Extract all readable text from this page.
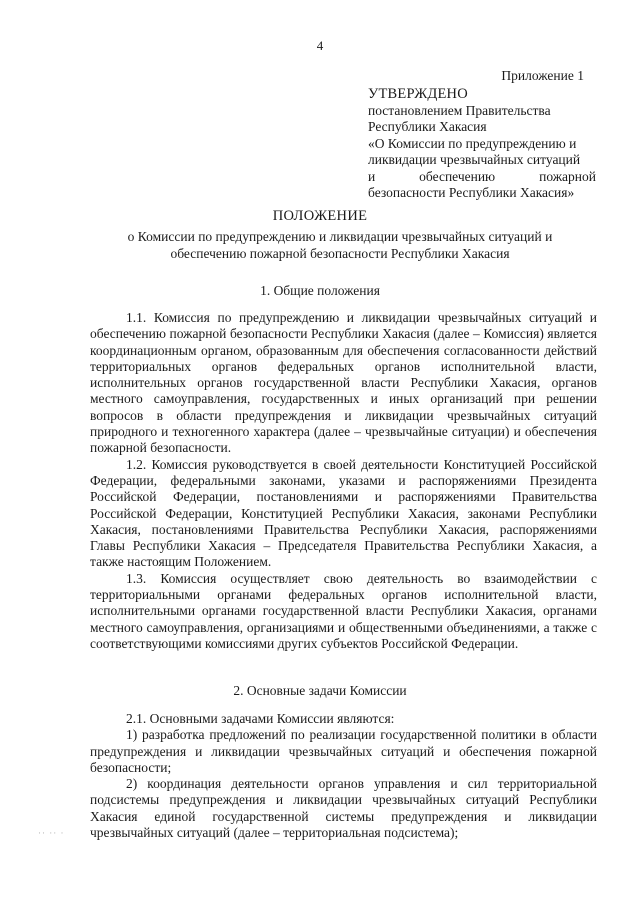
4
Приложение 1
УТВЕРЖДЕНО
постановлением Правительства
Республики Хакасия
«О Комиссии по предупреждению и
ликвидации чрезвычайных ситуаций
и обеспечению пожарной
безопасности Республики Хакасия»
ПОЛОЖЕНИЕ
о Комиссии по предупреждению и ликвидации чрезвычайных ситуаций и
обеспечению пожарной безопасности Республики Хакасия
1. Общие положения

1.1. Комиссия по предупреждению и ликвидации чрезвычайных ситуаций и обеспечению пожарной безопасности Республики Хакасия (далее – Комиссия) является координационным органом, образованным для обеспечения согласованности действий территориальных органов федеральных органов исполнительной власти, исполнительных органов государственной власти Республики Хакасия, органов местного самоуправления, государственных и иных организаций при решении вопросов в области предупреждения и ликвидации чрезвычайных ситуаций природного и техногенного характера (далее – чрезвычайные ситуации) и обеспечения пожарной безопасности.

1.2. Комиссия руководствуется в своей деятельности Конституцией Российской Федерации, федеральными законами, указами и распоряжениями Президента Российской Федерации, постановлениями и распоряжениями Правительства Российской Федерации, Конституцией Республики Хакасия, законами Республики Хакасия, постановлениями Правительства Республики Хакасия, распоряжениями Главы Республики Хакасия – Председателя Правительства Республики Хакасия, а также настоящим Положением.

1.3. Комиссия осуществляет свою деятельность во взаимодействии с территориальными органами федеральных органов исполнительной власти, исполнительными органами государственной власти Республики Хакасия, органами местного самоуправления, организациями и общественными объединениями, а также с соответствующими комиссиями других субъектов Российской Федерации.

2. Основные задачи Комиссии

2.1. Основными задачами Комиссии являются:

1) разработка предложений по реализации государственной политики в области предупреждения и ликвидации чрезвычайных ситуаций и обеспечения пожарной безопасности;

2) координация деятельности органов управления и сил территориальной подсистемы предупреждения и ликвидации чрезвычайных ситуаций Республики Хакасия единой государственной системы предупреждения и ликвидации чрезвычайных ситуаций (далее – территориальная подсистема);

·· ·· ·
